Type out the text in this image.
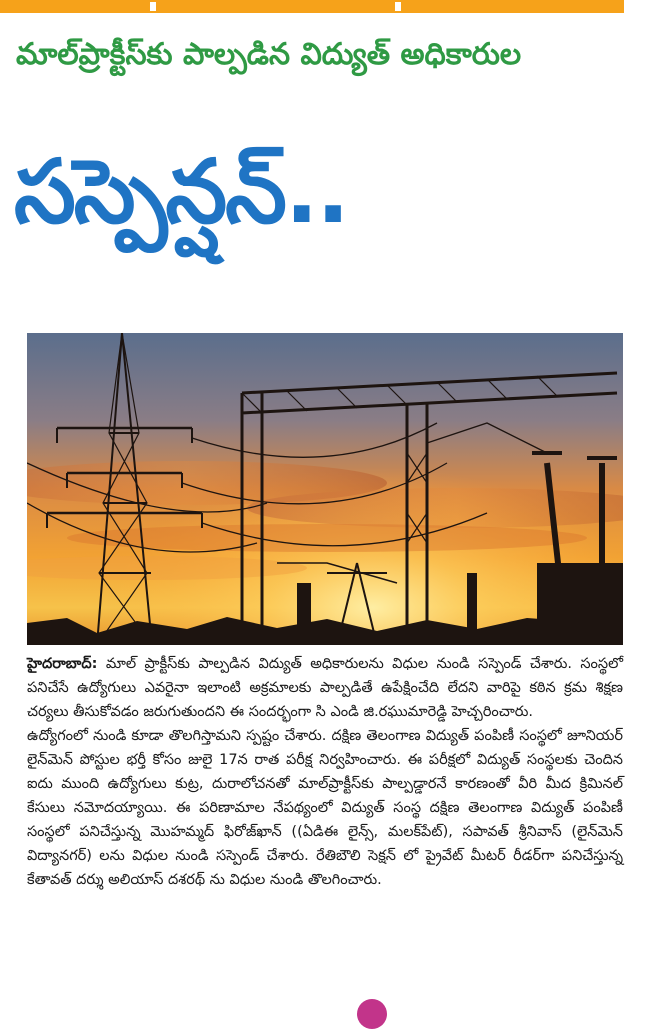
మాల్‌ప్రాక్టీస్‌కు పాల్పడిన విద్యుత్ అధికారుల
సస్పెన్షన్..

హైదరాబాద్: మాల్ ప్రాక్టీస్‌కు పాల్పడిన విద్యుత్ అధికారులను విధుల నుండి సస్పెండ్ చేశారు. సంస్థలో పనిచేసే ఉద్యోగులు ఎవరైనా ఇలాంటి అక్రమాలకు పాల్పడితే ఉపేక్షించేది లేదని వారిపై కఠిన క్రమ శిక్షణ చర్యలు తీసుకోవడం జరుగుతుందని ఈ సందర్భంగా సి ఎండి జి.రఘుమారెడ్డి హెచ్చరించారు.

ఉద్యోగంలో నుండి కూడా తొలగిస్తామని స్పష్టం చేశారు. దక్షిణ తెలంగాణ విద్యుత్ పంపిణీ సంస్థలో జూనియర్ లైన్‌మెన్ పోస్టుల భర్తీ కోసం జులై 17న రాత పరీక్ష నిర్వహించారు. ఈ పరీక్షలో విద్యుత్ సంస్థలకు చెందిన ఐదు ముంది ఉద్యోగులు కుట్ర, దురాలోచనతో మాల్‌ప్రాక్టీస్‌కు పాల్పడ్డారనే కారణంతో వీరి మీద క్రిమినల్ కేసులు నమోదయ్యాయి. ఈ పరిణామాల నేపథ్యంలో విద్యుత్ సంస్థ దక్షిణ తెలంగాణ విద్యుత్ పంపిణీ సంస్థలో పనిచేస్తున్న మొహమ్మద్ ఫిరోజ్‌ఖాన్ ((ఏడిఈ లైన్స్, మలక్‌పేట్), సపావత్ శ్రీనివాస్ (లైన్‌మెన్ విద్యానగర్) లను విధుల నుండి సస్పెండ్ చేశారు. రేతిబౌలి సెక్షన్ లో ప్రైవేట్ మీటర్ రీడర్‌గా పనిచేస్తున్న కేతావత్ దర్శు అలియాస్ దశరథ్ ను విధుల నుండి తొలగించారు.
